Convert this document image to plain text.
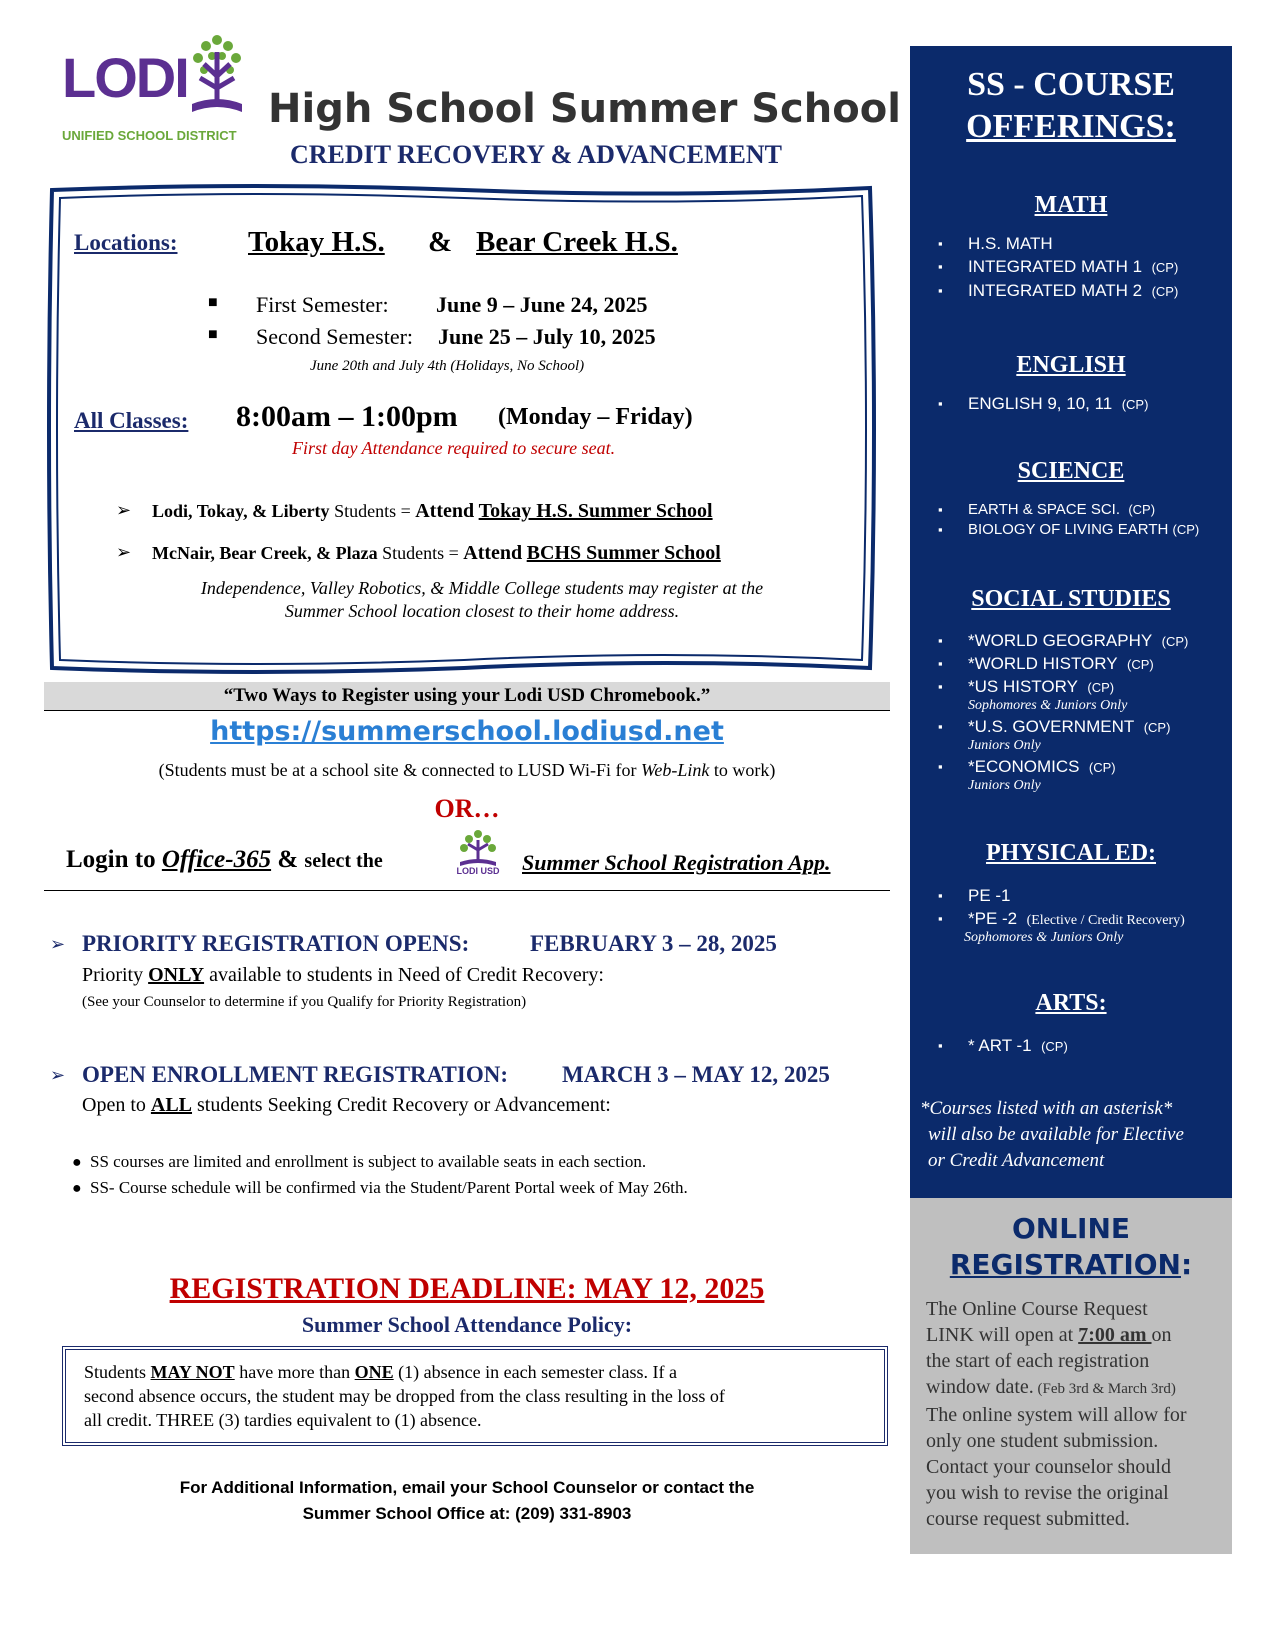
LODI
UNIFIED SCHOOL DISTRICT
High School Summer School
CREDIT RECOVERY & ADVANCEMENT
Locations: Tokay H.S. & Bear Creek H.S.
■ First Semester: June 9 – June 24, 2025
■ Second Semester: June 25 – July 10, 2025
June 20th and July 4th (Holidays, No School)
All Classes: 8:00am – 1:00pm (Monday – Friday)
First day Attendance required to secure seat.
➢ Lodi, Tokay, & Liberty Students = Attend Tokay H.S. Summer School
➢ McNair, Bear Creek, & Plaza Students = Attend BCHS Summer School
Independence, Valley Robotics, & Middle College students may register at the
Summer School location closest to their home address.
“Two Ways to Register using your Lodi USD Chromebook.”
https://summerschool.lodiusd.net
(Students must be at a school site & connected to LUSD Wi-Fi for Web-Link to work)
OR…
Login to Office-365 & select the	LODI USD Summer School Registration App.
➢ PRIORITY REGISTRATION OPENS:	FEBRUARY 3 – 28, 2025
Priority ONLY available to students in Need of Credit Recovery:
(See your Counselor to determine if you Qualify for Priority Registration)
➢ OPEN ENROLLMENT REGISTRATION: MARCH 3 – MAY 12, 2025
Open to ALL students Seeking Credit Recovery or Advancement:
● SS courses are limited and enrollment is subject to available seats in each section.
● SS- Course schedule will be confirmed via the Student/Parent Portal week of May 26th.
REGISTRATION DEADLINE: MAY 12, 2025
Summer School Attendance Policy:
Students MAY NOT have more than ONE (1) absence in each semester class. If a
second absence occurs, the student may be dropped from the class resulting in the loss of
all credit. THREE (3) tardies equivalent to (1) absence.
For Additional Information, email your School Counselor or contact the
Summer School Office at: (209) 331-8903
SS - COURSE
OFFERINGS:
MATH
▪ H.S. MATH
▪ INTEGRATED MATH 1 (CP)
▪ INTEGRATED MATH 2 (CP)
ENGLISH
▪ ENGLISH 9, 10, 11 (CP)
SCIENCE
▪ EARTH & SPACE SCI. (CP)
▪ BIOLOGY OF LIVING EARTH (CP)
SOCIAL STUDIES
▪ *WORLD GEOGRAPHY (CP)
▪ *WORLD HISTORY (CP)
▪ *US HISTORY (CP)
Sophomores & Juniors Only
▪ *U.S. GOVERNMENT (CP)
Juniors Only
▪ *ECONOMICS (CP)
Juniors Only
PHYSICAL ED:
▪ PE -1
▪ *PE -2 (Elective / Credit Recovery)
Sophomores & Juniors Only
ARTS:
▪ * ART -1 (CP)
*Courses listed with an asterisk*
will also be available for Elective
or Credit Advancement
ONLINE
REGISTRATION:
The Online Course Request
LINK will open at 7:00 am on
the start of each registration
window date. (Feb 3rd & March 3rd)
The online system will allow for
only one student submission.
Contact your counselor should
you wish to revise the original
course request submitted.
